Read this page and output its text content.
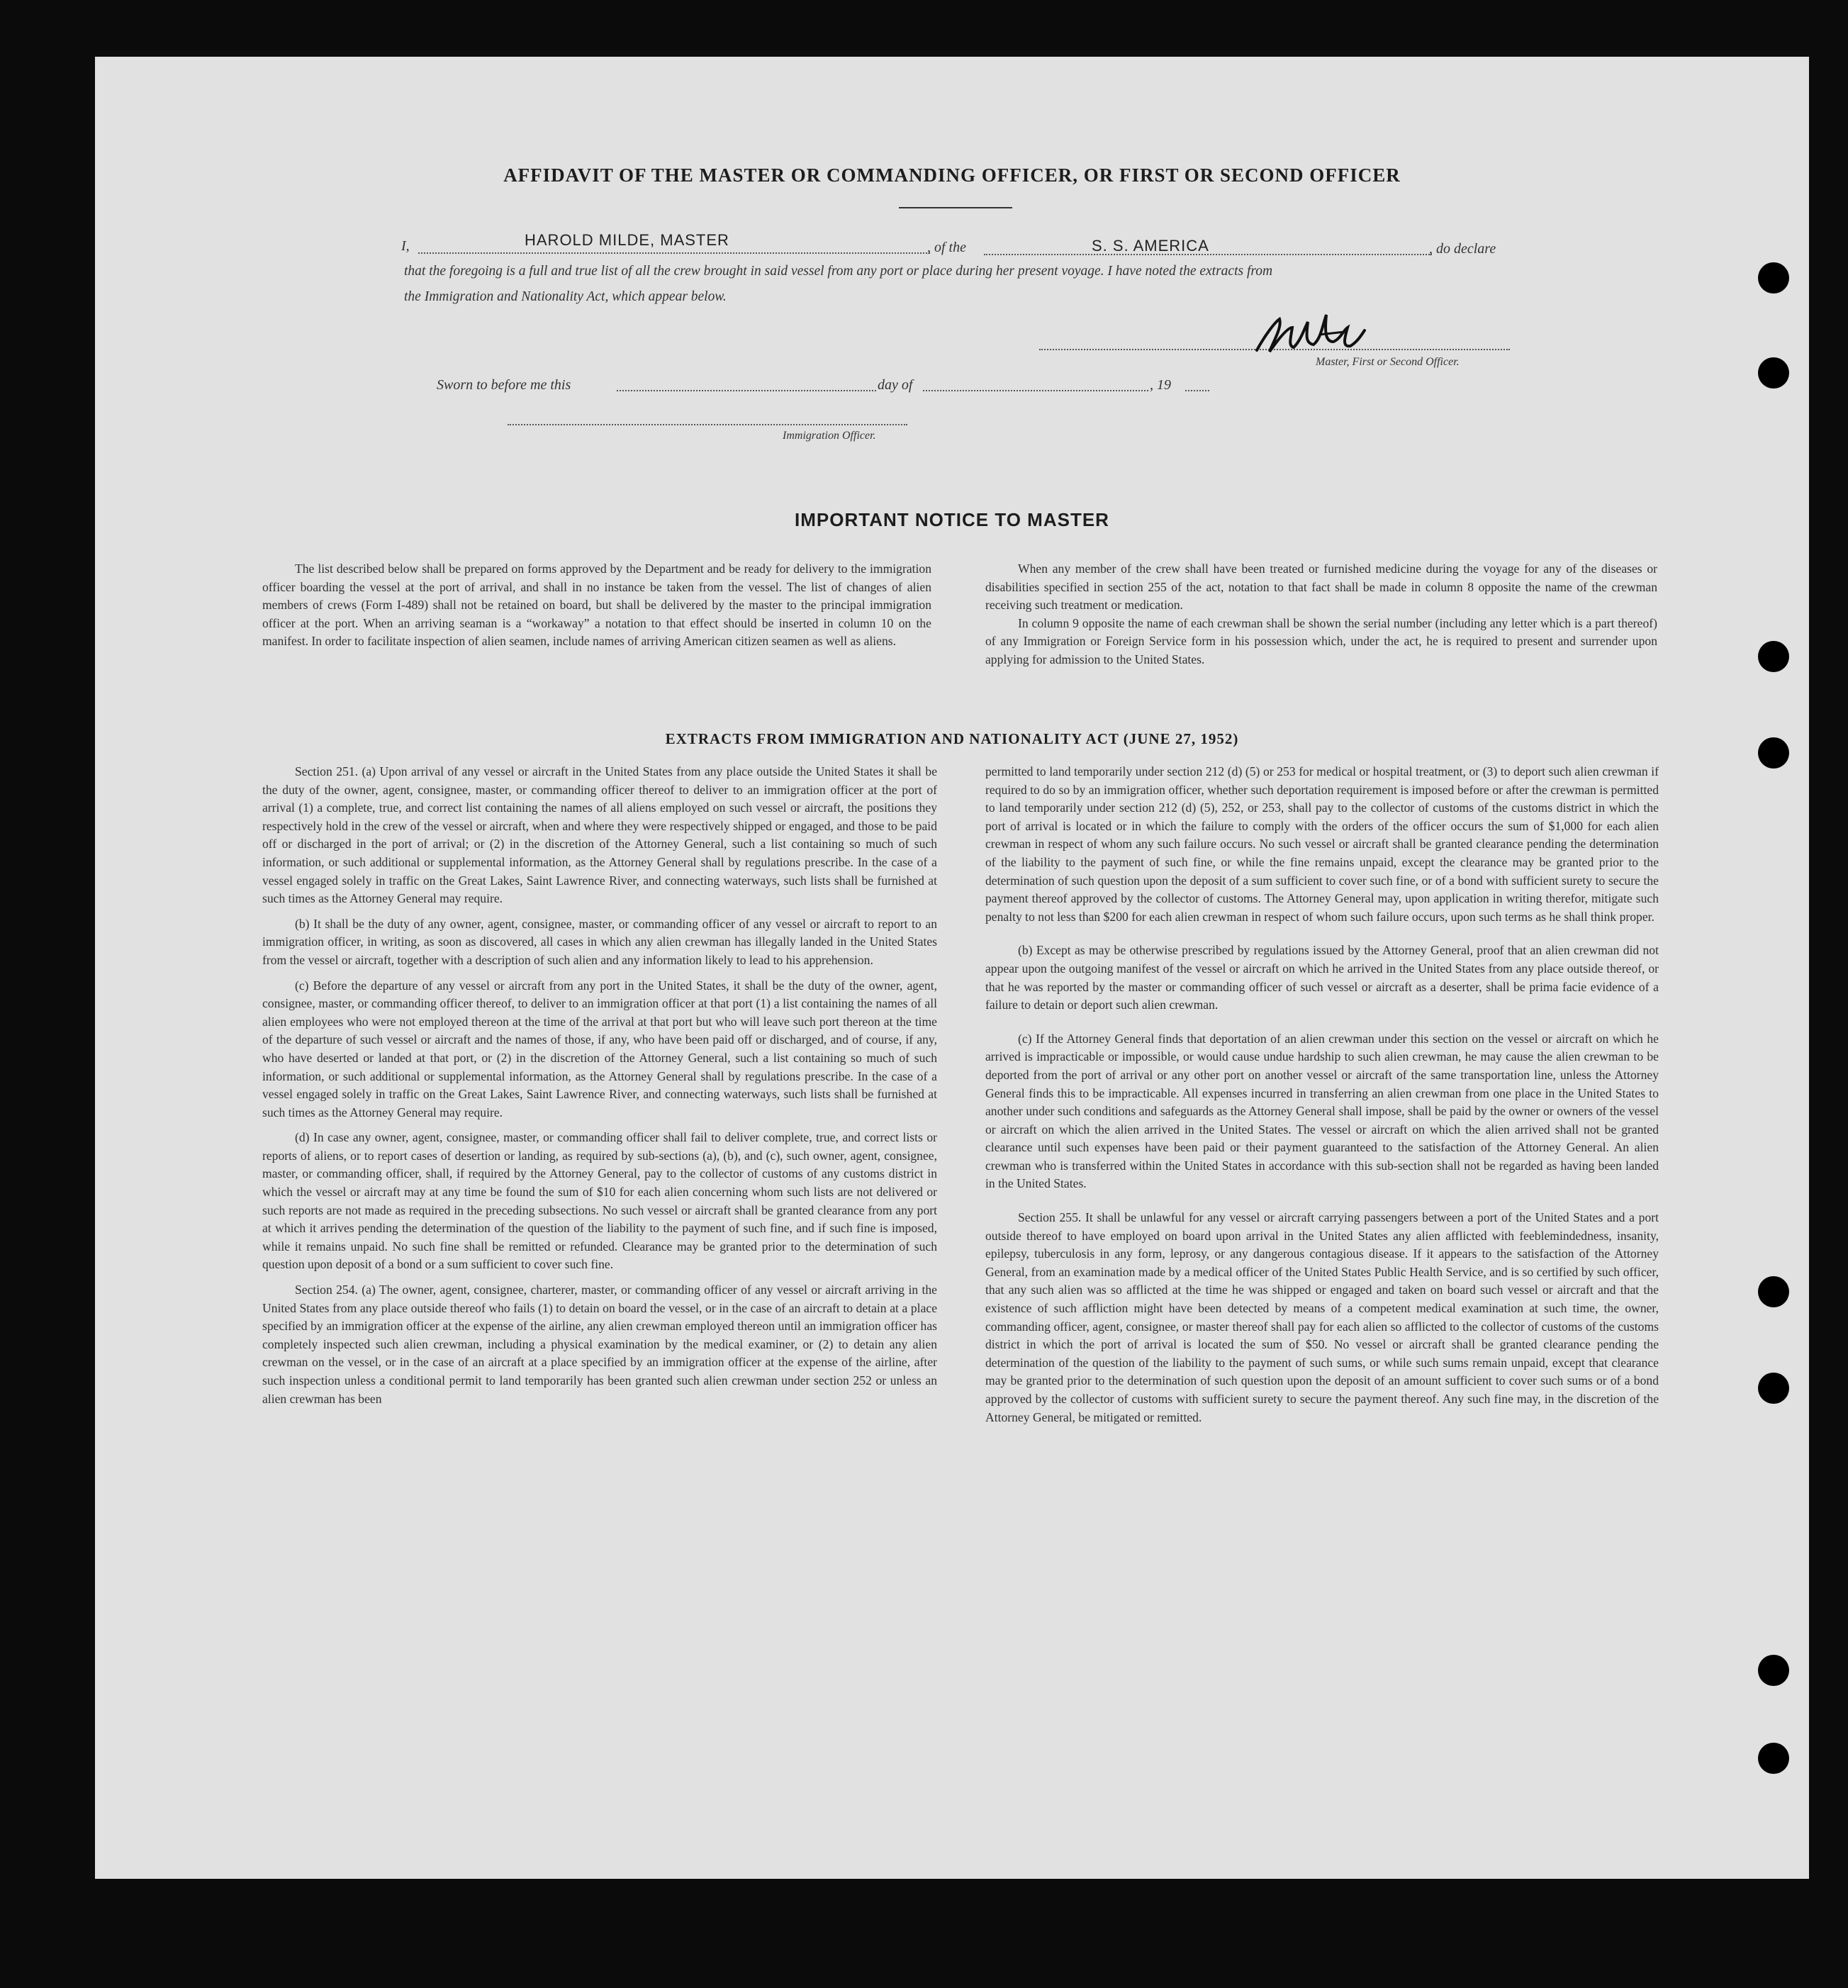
AFFIDAVIT OF THE MASTER OR COMMANDING OFFICER, OR FIRST OR SECOND OFFICER
I,	HAROLD MILDE, MASTER	, of the	S. S. AMERICA	, do declare
that the foregoing is a full and true list of all the crew brought in said vessel from any port or place during her present voyage. I have noted the extracts from
the Immigration and Nationality Act, which appear below.
Master, First or Second Officer.
Sworn to before me this	day of	, 19
Immigration Officer.
IMPORTANT NOTICE TO MASTER

The list described below shall be prepared on forms approved by the Department and be ready for delivery to the immigration officer boarding the vessel at the port of arrival, and shall in no instance be taken from the vessel. The list of changes of alien members of crews (Form I-489) shall not be retained on board, but shall be delivered by the master to the principal immigration officer at the port. When an arriving seaman is a “workaway” a notation to that effect should be inserted in column 10 on the manifest. In order to facilitate inspection of alien seamen, include names of arriving American citizen seamen as well as aliens.

When any member of the crew shall have been treated or furnished medicine during the voyage for any of the diseases or disabilities specified in section 255 of the act, notation to that fact shall be made in column 8 opposite the name of the crewman receiving such treatment or medication.

In column 9 opposite the name of each crewman shall be shown the serial number (including any letter which is a part thereof) of any Immigration or Foreign Service form in his possession which, under the act, he is required to present and surrender upon applying for admission to the United States.

EXTRACTS FROM IMMIGRATION AND NATIONALITY ACT (JUNE 27, 1952)

Section 251. (a) Upon arrival of any vessel or aircraft in the United States from any place outside the United States it shall be the duty of the owner, agent, consignee, master, or commanding officer thereof to deliver to an immigration officer at the port of arrival (1) a complete, true, and correct list containing the names of all aliens employed on such vessel or aircraft, the positions they respectively hold in the crew of the vessel or aircraft, when and where they were respectively shipped or engaged, and those to be paid off or discharged in the port of arrival; or (2) in the discretion of the Attorney General, such a list containing so much of such information, or such additional or supplemental information, as the Attorney General shall by regulations prescribe. In the case of a vessel engaged solely in traffic on the Great Lakes, Saint Lawrence River, and connecting waterways, such lists shall be furnished at such times as the Attorney General may require.

(b) It shall be the duty of any owner, agent, consignee, master, or commanding officer of any vessel or aircraft to report to an immigration officer, in writing, as soon as discovered, all cases in which any alien crewman has illegally landed in the United States from the vessel or aircraft, together with a description of such alien and any information likely to lead to his apprehension.

(c) Before the departure of any vessel or aircraft from any port in the United States, it shall be the duty of the owner, agent, consignee, master, or commanding officer thereof, to deliver to an immigration officer at that port (1) a list containing the names of all alien employees who were not employed thereon at the time of the arrival at that port but who will leave such port thereon at the time of the departure of such vessel or aircraft and the names of those, if any, who have been paid off or discharged, and of course, if any, who have deserted or landed at that port, or (2) in the discretion of the Attorney General, such a list containing so much of such information, or such additional or supplemental information, as the Attorney General shall by regulations prescribe. In the case of a vessel engaged solely in traffic on the Great Lakes, Saint Lawrence River, and connecting waterways, such lists shall be furnished at such times as the Attorney General may require.

(d) In case any owner, agent, consignee, master, or commanding officer shall fail to deliver complete, true, and correct lists or reports of aliens, or to report cases of desertion or landing, as required by sub-sections (a), (b), and (c), such owner, agent, consignee, master, or commanding officer, shall, if required by the Attorney General, pay to the collector of customs of any customs district in which the vessel or aircraft may at any time be found the sum of $10 for each alien concerning whom such lists are not delivered or such reports are not made as required in the preceding subsections. No such vessel or aircraft shall be granted clearance from any port at which it arrives pending the determination of the question of the liability to the payment of such fine, and if such fine is imposed, while it remains unpaid. No such fine shall be remitted or refunded. Clearance may be granted prior to the determination of such question upon deposit of a bond or a sum sufficient to cover such fine.

Section 254. (a) The owner, agent, consignee, charterer, master, or commanding officer of any vessel or aircraft arriving in the United States from any place outside thereof who fails (1) to detain on board the vessel, or in the case of an aircraft to detain at a place specified by an immigration officer at the expense of the airline, any alien crewman employed thereon until an immigration officer has completely inspected such alien crewman, including a physical examination by the medical examiner, or (2) to detain any alien crewman on the vessel, or in the case of an aircraft at a place specified by an immigration officer at the expense of the airline, after such inspection unless a conditional permit to land temporarily has been granted such alien crewman under section 252 or unless an alien crewman has been

permitted to land temporarily under section 212 (d) (5) or 253 for medical or hospital treatment, or (3) to deport such alien crewman if required to do so by an immigration officer, whether such deportation requirement is imposed before or after the crewman is permitted to land temporarily under section 212 (d) (5), 252, or 253, shall pay to the collector of customs of the customs district in which the port of arrival is located or in which the failure to comply with the orders of the officer occurs the sum of $1,000 for each alien crewman in respect of whom any such failure occurs. No such vessel or aircraft shall be granted clearance pending the determination of the liability to the payment of such fine, or while the fine remains unpaid, except the clearance may be granted prior to the determination of such question upon the deposit of a sum sufficient to cover such fine, or of a bond with sufficient surety to secure the payment thereof approved by the collector of customs. The Attorney General may, upon application in writing therefor, mitigate such penalty to not less than $200 for each alien crewman in respect of whom such failure occurs, upon such terms as he shall think proper.

(b) Except as may be otherwise prescribed by regulations issued by the Attorney General, proof that an alien crewman did not appear upon the outgoing manifest of the vessel or aircraft on which he arrived in the United States from any place outside thereof, or that he was reported by the master or commanding officer of such vessel or aircraft as a deserter, shall be prima facie evidence of a failure to detain or deport such alien crewman.

(c) If the Attorney General finds that deportation of an alien crewman under this section on the vessel or aircraft on which he arrived is impracticable or impossible, or would cause undue hardship to such alien crewman, he may cause the alien crewman to be deported from the port of arrival or any other port on another vessel or aircraft of the same transportation line, unless the Attorney General finds this to be impracticable. All expenses incurred in transferring an alien crewman from one place in the United States to another under such conditions and safeguards as the Attorney General shall impose, shall be paid by the owner or owners of the vessel or aircraft on which the alien arrived in the United States. The vessel or aircraft on which the alien arrived shall not be granted clearance until such expenses have been paid or their payment guaranteed to the satisfaction of the Attorney General. An alien crewman who is transferred within the United States in accordance with this sub-section shall not be regarded as having been landed in the United States.

Section 255. It shall be unlawful for any vessel or aircraft carrying passengers between a port of the United States and a port outside thereof to have employed on board upon arrival in the United States any alien afflicted with feeblemindedness, insanity, epilepsy, tuberculosis in any form, leprosy, or any dangerous contagious disease. If it appears to the satisfaction of the Attorney General, from an examination made by a medical officer of the United States Public Health Service, and is so certified by such officer, that any such alien was so afflicted at the time he was shipped or engaged and taken on board such vessel or aircraft and that the existence of such affliction might have been detected by means of a competent medical examination at such time, the owner, commanding officer, agent, consignee, or master thereof shall pay for each alien so afflicted to the collector of customs of the customs district in which the port of arrival is located the sum of $50. No vessel or aircraft shall be granted clearance pending the determination of the question of the liability to the payment of such sums, or while such sums remain unpaid, except that clearance may be granted prior to the determination of such question upon the deposit of an amount sufficient to cover such sums or of a bond approved by the collector of customs with sufficient surety to secure the payment thereof. Any such fine may, in the discretion of the Attorney General, be mitigated or remitted.
